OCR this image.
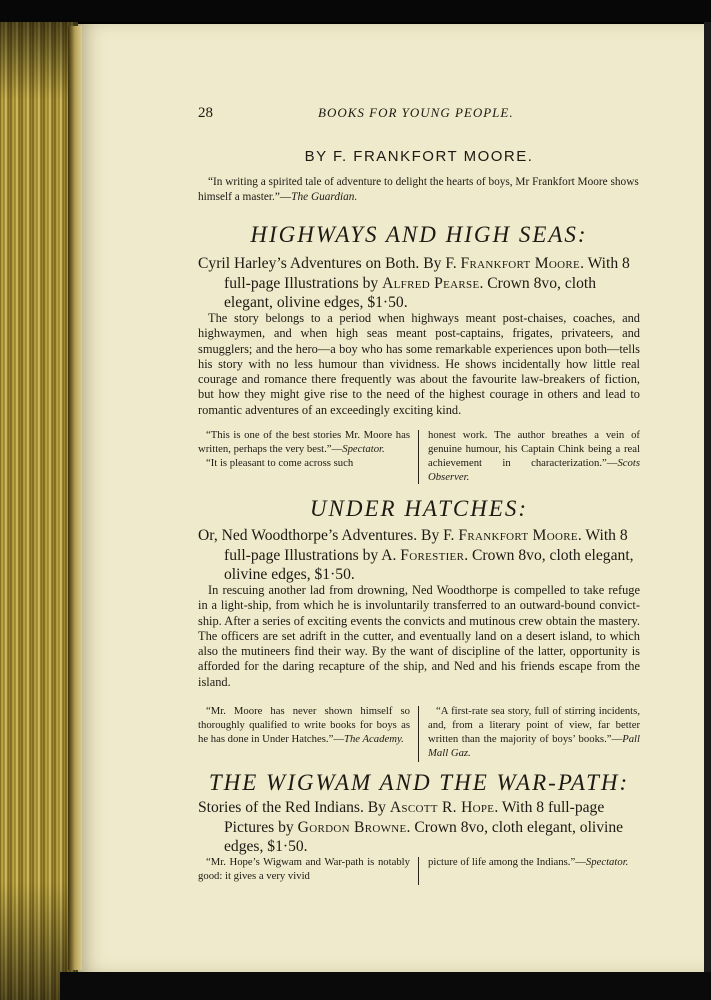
28	BOOKS FOR YOUNG PEOPLE.
BY F. FRANKFORT MOORE.

“In writing a spirited tale of adventure to delight the hearts of boys, Mr Frankfort Moore shows himself a master.”—The Guardian.

HIGHWAYS AND HIGH SEAS:

Cyril Harley’s Adventures on Both. By F. Frankfort Moore. With 8 full-page Illustrations by Alfred Pearse. Crown 8vo, cloth elegant, olivine edges, $1·50.

The story belongs to a period when highways meant post-chaises, coaches, and highwaymen, and when high seas meant post-captains, frigates, privateers, and smugglers; and the hero—a boy who has some remarkable experiences upon both—tells his story with no less humour than vividness. He shows incidentally how little real courage and romance there frequently was about the favourite law-breakers of fiction, but how they might give rise to the need of the highest courage in others and lead to romantic adventures of an exceedingly exciting kind.

“This is one of the best stories Mr. Moore has written, perhaps the very best.”—Spectator.
“It is pleasant to come across such
honest work. The author breathes a vein of genuine humour, his Captain Chink being a real achievement in characterization.”—Scots Observer.
UNDER HATCHES:

Or, Ned Woodthorpe’s Adventures. By F. Frankfort Moore. With 8 full-page Illustrations by A. Forestier. Crown 8vo, cloth elegant, olivine edges, $1·50.

In rescuing another lad from drowning, Ned Woodthorpe is compelled to take refuge in a light-ship, from which he is involuntarily transferred to an outward-bound convict-ship. After a series of exciting events the convicts and mutinous crew obtain the mastery. The officers are set adrift in the cutter, and eventually land on a desert island, to which also the mutineers find their way. By the want of discipline of the latter, opportunity is afforded for the daring recapture of the ship, and Ned and his friends escape from the island.

“Mr. Moore has never shown himself so thoroughly qualified to write books for boys as he has done in Under Hatches.”—The Academy.
“A first-rate sea story, full of stirring incidents, and, from a literary point of view, far better written than the majority of boys’ books.”—Pall Mall Gaz.
THE WIGWAM AND THE WAR-PATH:

Stories of the Red Indians. By Ascott R. Hope. With 8 full-page Pictures by Gordon Browne. Crown 8vo, cloth elegant, olivine edges, $1·50.

“Mr. Hope’s Wigwam and War-path is notably good: it gives a very vivid
picture of life among the Indians.”—Spectator.
